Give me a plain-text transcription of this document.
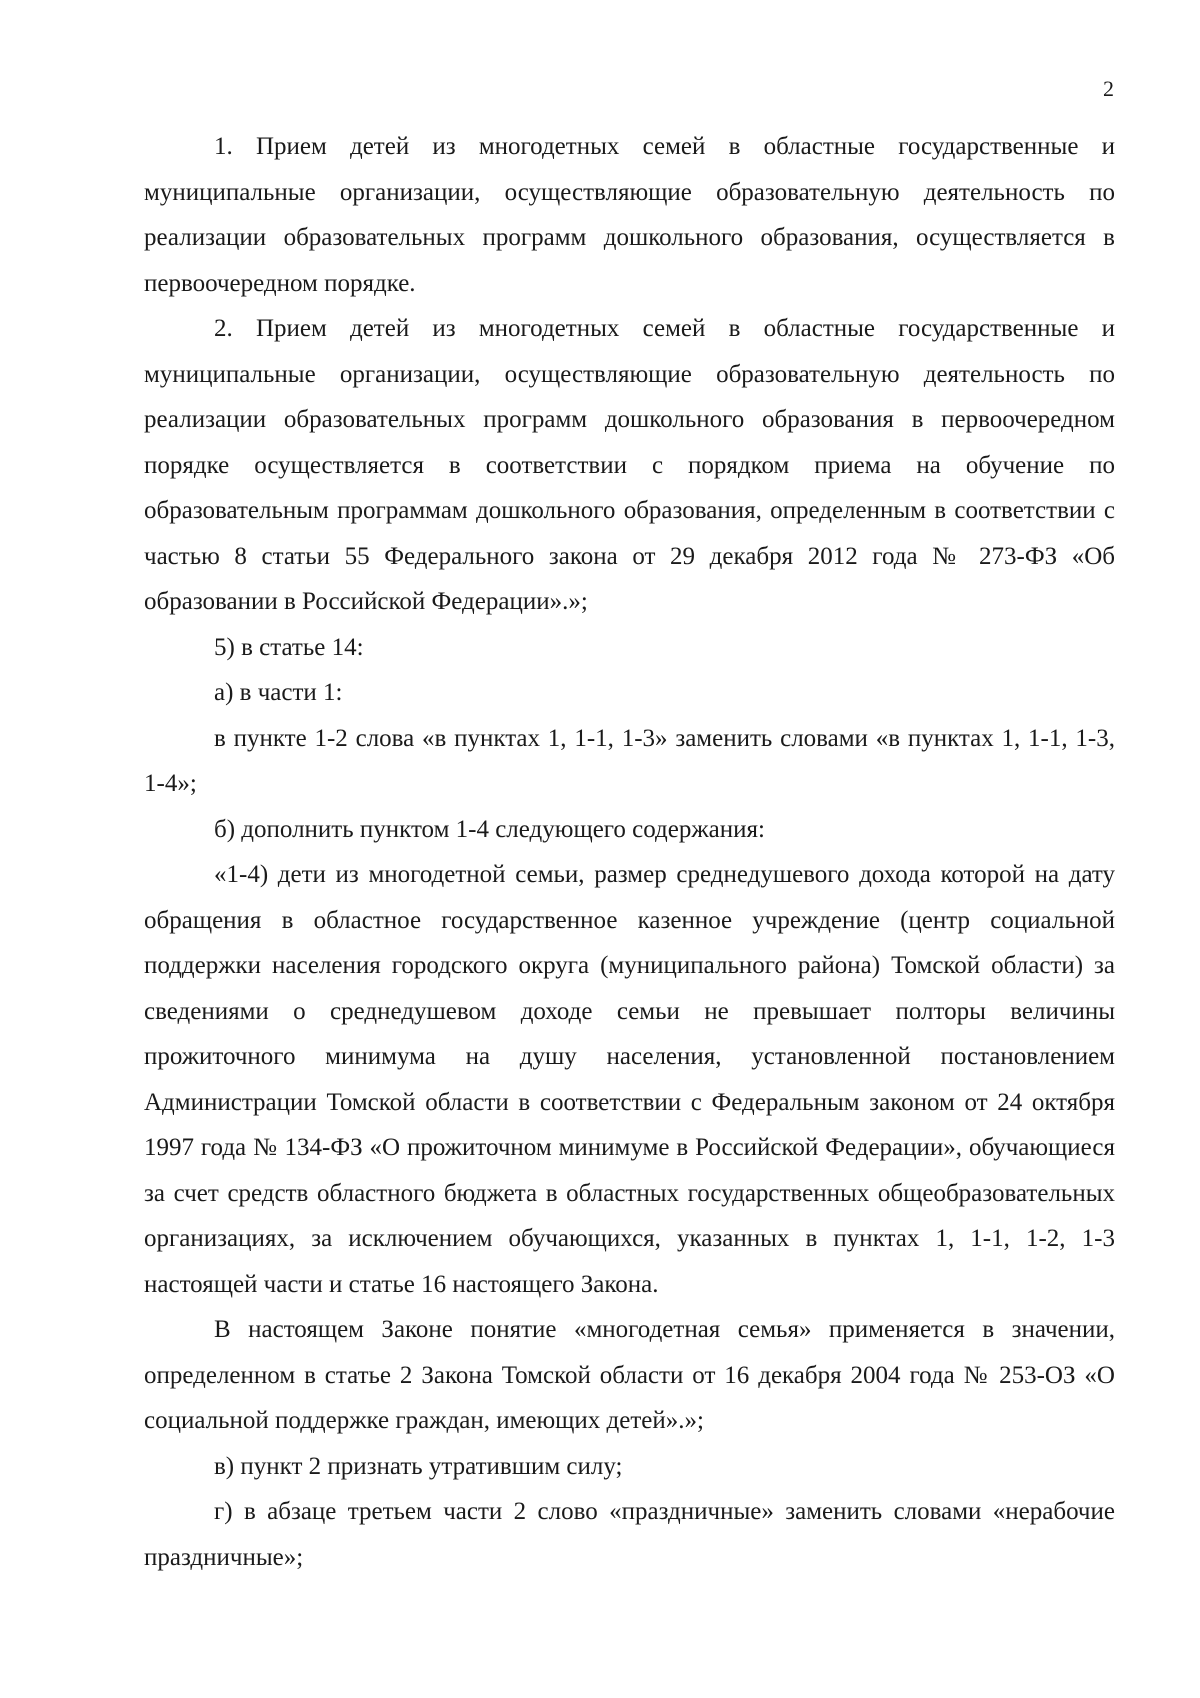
2

1. Прием детей из многодетных семей в областные государственные и муниципальные организации, осуществляющие образовательную деятельность по реализации образовательных программ дошкольного образования, осуществляется в первоочередном порядке.

2. Прием детей из многодетных семей в областные государственные и муниципальные организации, осуществляющие образовательную деятельность по реализации образовательных программ дошкольного образования в первоочередном порядке осуществляется в соответствии с порядком приема на обучение по образовательным программам дошкольного образования, определенным в соответствии с частью 8 статьи 55 Федерального закона от 29 декабря 2012 года № 273-ФЗ «Об образовании в Российской Федерации».»;

5) в статье 14:

а) в части 1:

в пункте 1-2 слова «в пунктах 1, 1-1, 1-3» заменить словами «в пунктах 1, 1-1, 1-3, 1-4»;

б) дополнить пунктом 1-4 следующего содержания:

«1-4) дети из многодетной семьи, размер среднедушевого дохода которой на дату обращения в областное государственное казенное учреждение (центр социальной поддержки населения городского округа (муниципального района) Томской области) за сведениями о среднедушевом доходе семьи не превышает полторы величины прожиточного минимума на душу населения, установленной постановлением Администрации Томской области в соответствии с Федеральным законом от 24 октября 1997 года № 134-ФЗ «О прожиточном минимуме в Российской Федерации», обучающиеся за счет средств областного бюджета в областных государственных общеобразовательных организациях, за исключением обучающихся, указанных в пунктах 1, 1-1, 1-2, 1-3 настоящей части и статье 16 настоящего Закона.

В настоящем Законе понятие «многодетная семья» применяется в значении, определенном в статье 2 Закона Томской области от 16 декабря 2004 года № 253-ОЗ «О социальной поддержке граждан, имеющих детей».»;

в) пункт 2 признать утратившим силу;

г) в абзаце третьем части 2 слово «праздничные» заменить словами «нерабочие праздничные»;
